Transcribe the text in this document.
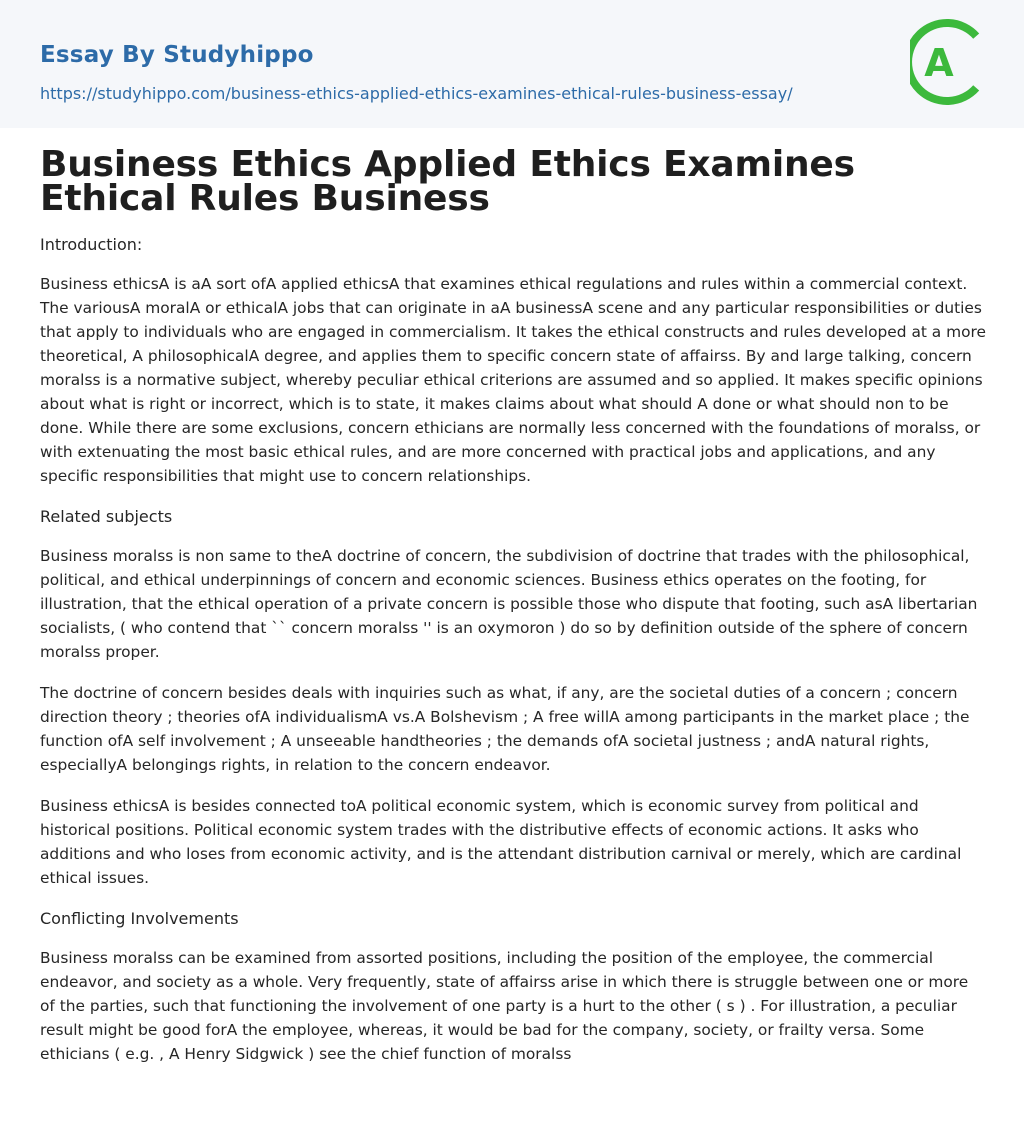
Essay By Studyhippo
https://studyhippo.com/business-ethics-applied-ethics-examines-ethical-rules-business-essay/
A
Business Ethics Applied Ethics Examines Ethical Rules Business

Introduction:

Business ethicsA is aA sort ofA applied ethicsA that examines ethical regulations and rules within a commercial context. The variousA moralA or ethicalA jobs that can originate in aA businessA scene and any particular responsibilities or duties that apply to individuals who are engaged in commercialism. It takes the ethical constructs and rules developed at a more theoretical, A philosophicalA degree, and applies them to specific concern state of affairss. By and large talking, concern moralss is a normative subject, whereby peculiar ethical criterions are assumed and so applied. It makes specific opinions about what is right or incorrect, which is to state, it makes claims about what should A done or what should non to be done. While there are some exclusions, concern ethicians are normally less concerned with the foundations of moralss, or with extenuating the most basic ethical rules, and are more concerned with practical jobs and applications, and any specific responsibilities that might use to concern relationships.

Related subjects

Business moralss is non same to theA doctrine of concern, the subdivision of doctrine that trades with the philosophical, political, and ethical underpinnings of concern and economic sciences. Business ethics operates on the footing, for illustration, that the ethical operation of a private concern is possible those who dispute that footing, such asA libertarian socialists, ( who contend that `` concern moralss '' is an oxymoron ) do so by definition outside of the sphere of concern moralss proper.

The doctrine of concern besides deals with inquiries such as what, if any, are the societal duties of a concern ; concern direction theory ; theories ofA individualismA vs.A Bolshevism ; A free willA among participants in the market place ; the function ofA self involvement ; A unseeable handtheories ; the demands ofA societal justness ; andA natural rights, especiallyA belongings rights, in relation to the concern endeavor.

Business ethicsA is besides connected toA political economic system, which is economic survey from political and historical positions. Political economic system trades with the distributive effects of economic actions. It asks who additions and who loses from economic activity, and is the attendant distribution carnival or merely, which are cardinal ethical issues.

Conflicting Involvements

Business moralss can be examined from assorted positions, including the position of the employee, the commercial endeavor, and society as a whole. Very frequently, state of affairss arise in which there is struggle between one or more of the parties, such that functioning the involvement of one party is a hurt to the other ( s ) . For illustration, a peculiar result might be good forA the employee, whereas, it would be bad for the company, society, or frailty versa. Some ethicians ( e.g. , A Henry Sidgwick ) see the chief function of moralss
